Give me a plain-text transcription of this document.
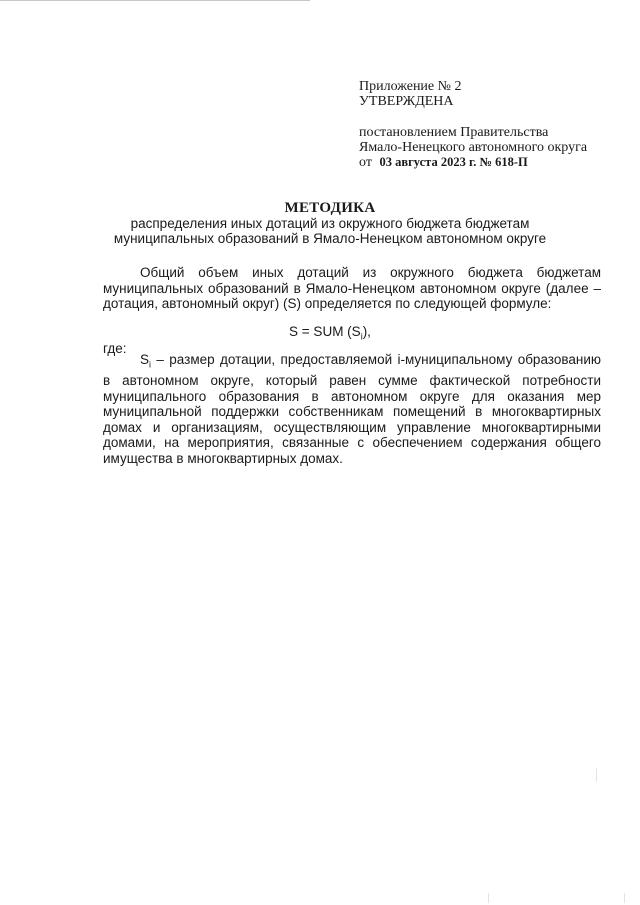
Приложение № 2
УТВЕРЖДЕНА
постановлением Правительства
Ямало-Ненецкого автономного округа
от 03 августа 2023 г. № 618-П
МЕТОДИКА
распределения иных дотаций из окружного бюджета бюджетам
муниципальных образований в Ямало-Ненецком автономном округе
Общий объем иных дотаций из окружного бюджета бюджетам муниципальных образований в Ямало-Ненецком автономном округе (далее – дотация, автономный округ) (S) определяется по следующей формуле:
S = SUM $(S_i)$,
где:
$S_i$ – размер дотации, предоставляемой i-муниципальному образованию в автономном округе, который равен сумме фактической потребности муниципального образования в автономном округе для оказания мер муниципальной поддержки собственникам помещений в многоквартирных домах и организациям, осуществляющим управление многоквартирными домами, на мероприятия, связанные с обеспечением содержания общего имущества в многоквартирных домах.
